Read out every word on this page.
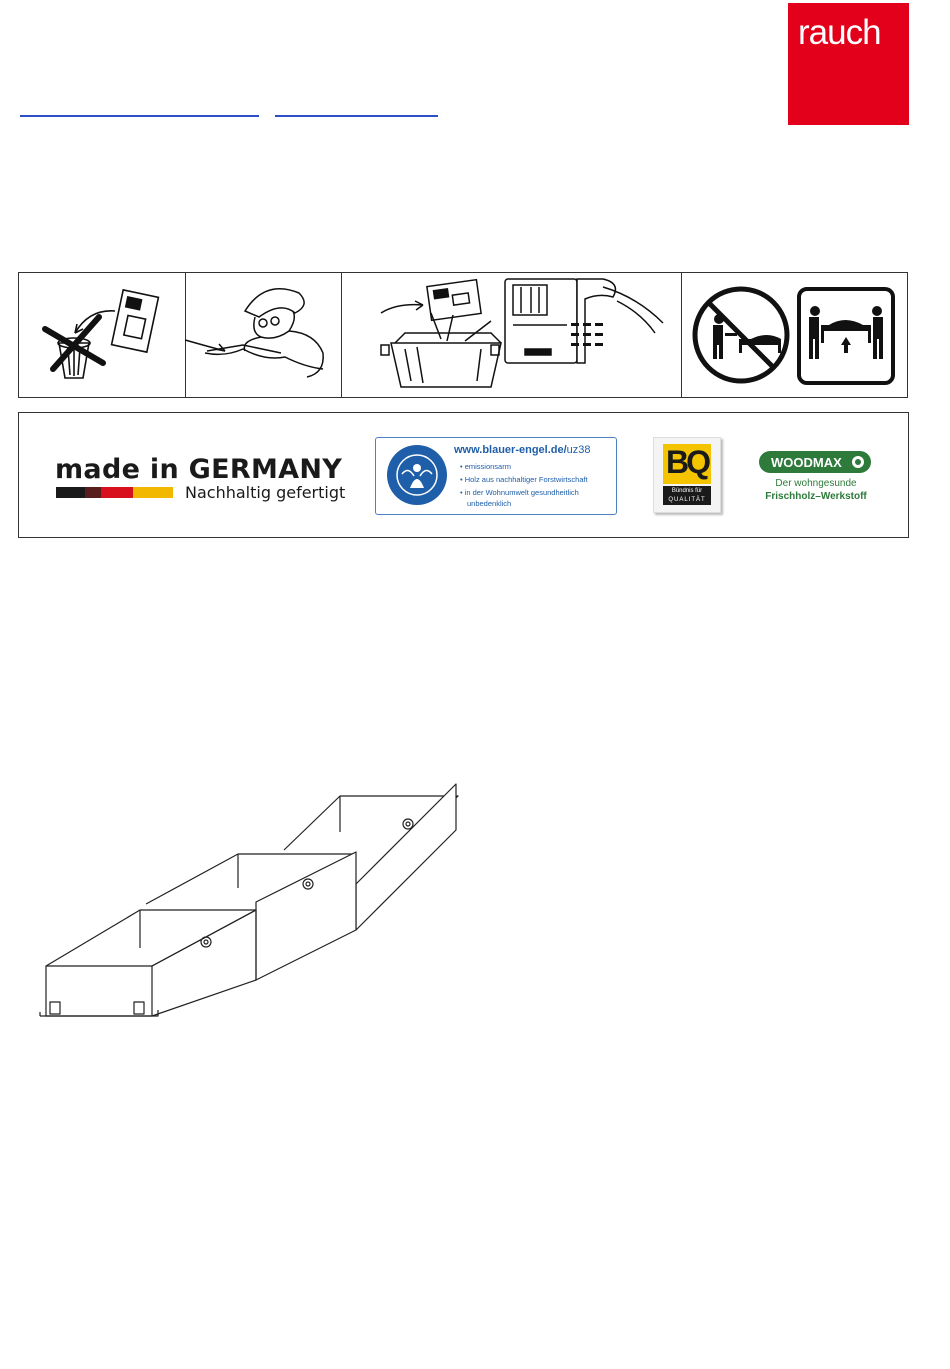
rauch
made in GERMANY
Nachhaltig gefertigt
www.blauer-engel.de/uz38
• emissionsarm
• Holz aus nachhaltiger Forstwirtschaft
• in der Wohnumwelt gesundheitlich
unbedenklich
BQ
Bündnis für
QUALITÄT
WOODMAX
Der wohngesunde
Frischholz–Werkstoff
